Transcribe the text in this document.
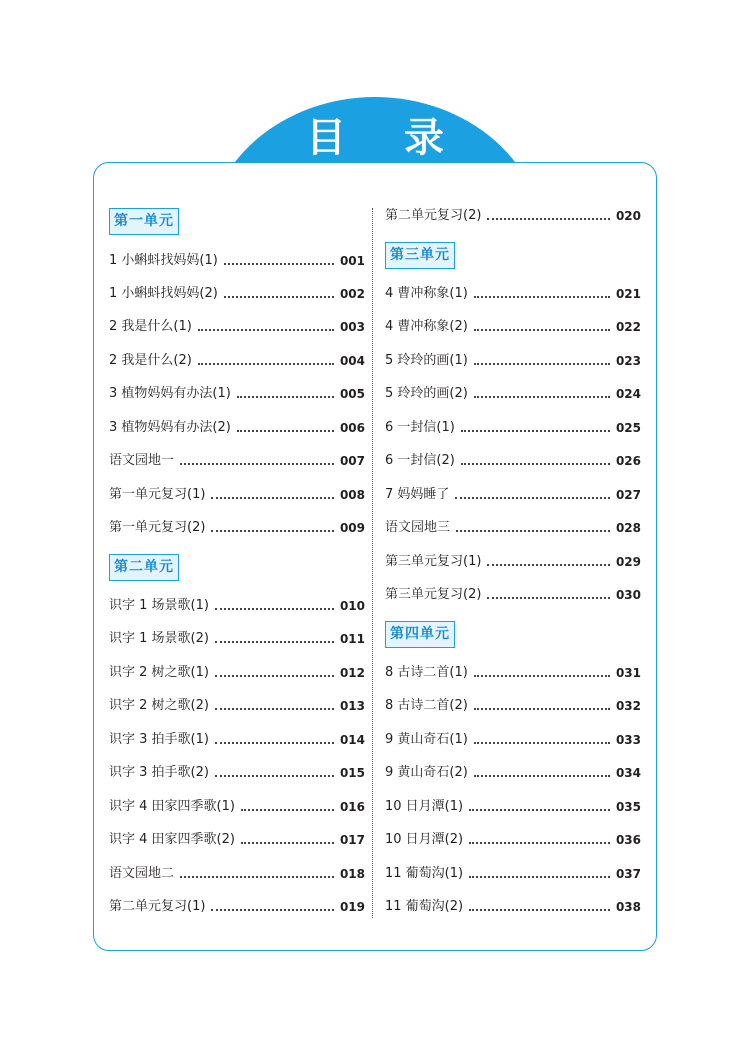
目 录
第一单元
1 小蝌蚪找妈妈(1)	001
1 小蝌蚪找妈妈(2)	002
2 我是什么(1)	003
2 我是什么(2)	004
3 植物妈妈有办法(1)	005
3 植物妈妈有办法(2)	006
语文园地一	007
第一单元复习(1)	008
第一单元复习(2)	009
第二单元
识字 1 场景歌(1)	010
识字 1 场景歌(2)	011
识字 2 树之歌(1)	012
识字 2 树之歌(2)	013
识字 3 拍手歌(1)	014
识字 3 拍手歌(2)	015
识字 4 田家四季歌(1)	016
识字 4 田家四季歌(2)	017
语文园地二	018
第二单元复习(1)	019
第二单元复习(2)	020
第三单元
4 曹冲称象(1)	021
4 曹冲称象(2)	022
5 玲玲的画(1)	023
5 玲玲的画(2)	024
6 一封信(1)	025
6 一封信(2)	026
7 妈妈睡了	027
语文园地三	028
第三单元复习(1)	029
第三单元复习(2)	030
第四单元
8 古诗二首(1)	031
8 古诗二首(2)	032
9 黄山奇石(1)	033
9 黄山奇石(2)	034
10 日月潭(1)	035
10 日月潭(2)	036
11 葡萄沟(1)	037
11 葡萄沟(2)	038
